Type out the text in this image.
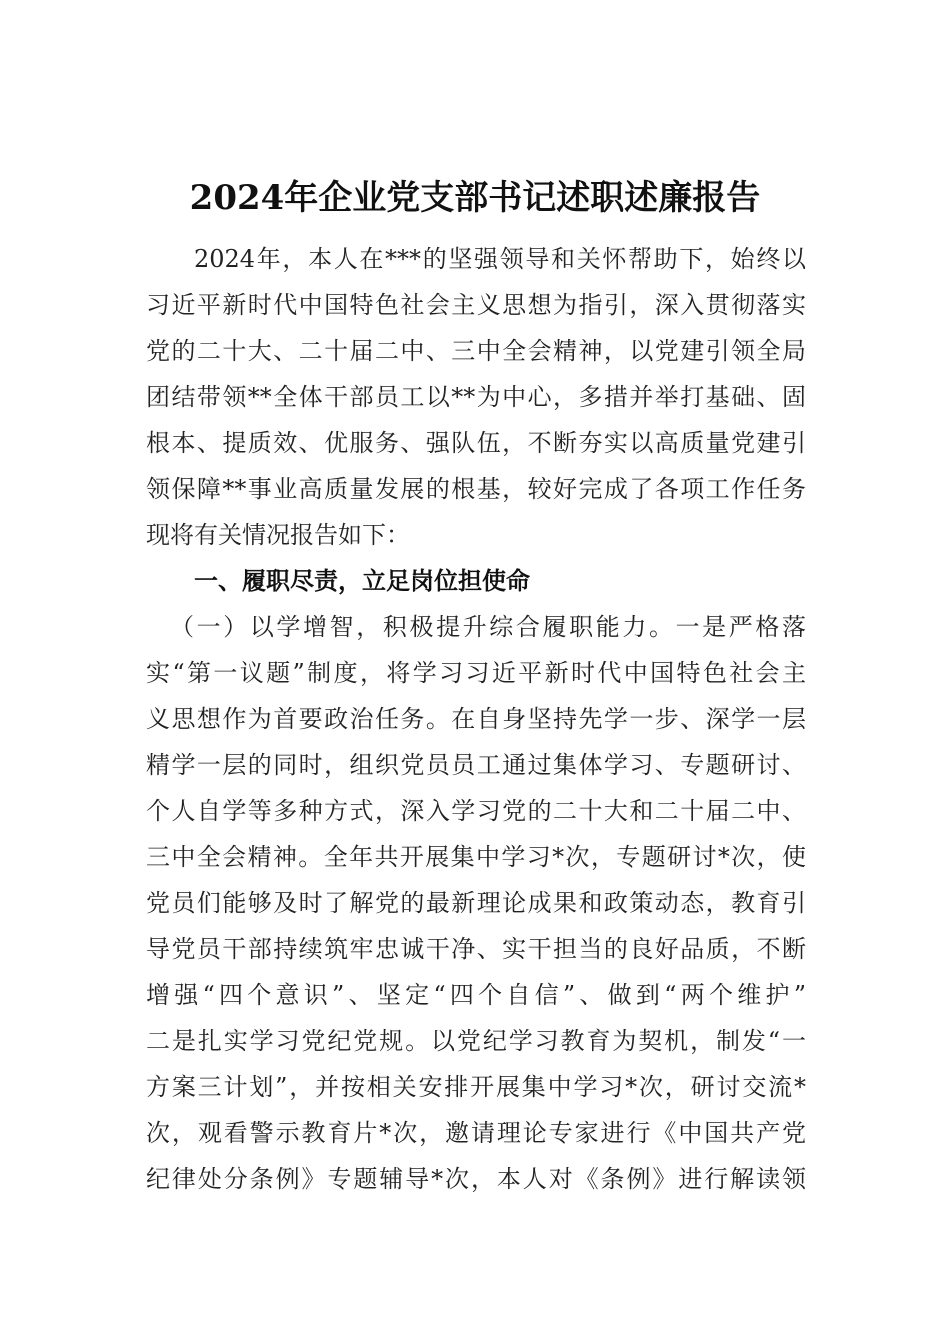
2024年企业党支部书记述职述廉报告
2024年，本人在***的坚强领导和关怀帮助下，始终以
习近平新时代中国特色社会主义思想为指引，深入贯彻落实
党的二十大、二十届二中、三中全会精神，以党建引领全局
团结带领**全体干部员工以**为中心，多措并举打基础、固
根本、提质效、优服务、强队伍，不断夯实以高质量党建引
领保障**事业高质量发展的根基，较好完成了各项工作任务
现将有关情况报告如下：
一、履职尽责，立足岗位担使命
（一）以学增智，积极提升综合履职能力。一是严格落
实“第一议题”制度，将学习习近平新时代中国特色社会主
义思想作为首要政治任务。在自身坚持先学一步、深学一层
精学一层的同时，组织党员员工通过集体学习、专题研讨、
个人自学等多种方式，深入学习党的二十大和二十届二中、
三中全会精神。全年共开展集中学习*次，专题研讨*次，使
党员们能够及时了解党的最新理论成果和政策动态，教育引
导党员干部持续筑牢忠诚干净、实干担当的良好品质，不断
增强“四个意识”、坚定“四个自信”、做到“两个维护”
二是扎实学习党纪党规。以党纪学习教育为契机，制发“一
方案三计划”，并按相关安排开展集中学习*次，研讨交流*
次，观看警示教育片*次，邀请理论专家进行《中国共产党
纪律处分条例》专题辅导*次，本人对《条例》进行解读领
